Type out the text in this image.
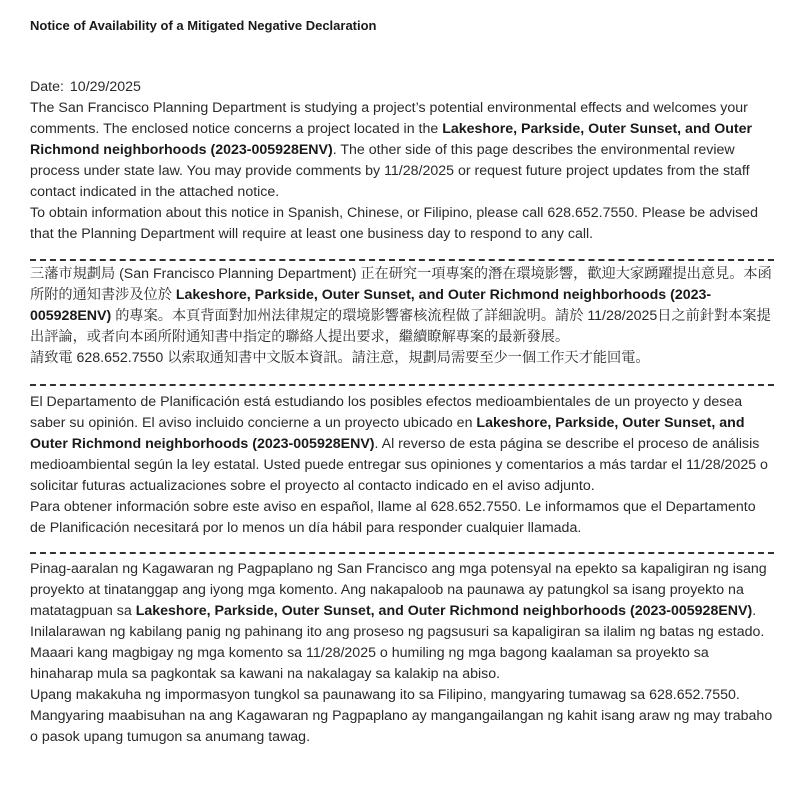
Notice of Availability of a Mitigated Negative Declaration

Date: 10/29/2025

The San Francisco Planning Department is studying a project’s potential environmental effects and welcomes your comments. The enclosed notice concerns a project located in the Lakeshore, Parkside, Outer Sunset, and Outer Richmond neighborhoods (2023-005928ENV). The other side of this page describes the environmental review process under state law. You may provide comments by 11/28/2025 or request future project updates from the staff contact indicated in the attached notice.

To obtain information about this notice in Spanish, Chinese, or Filipino, please call 628.652.7550. Please be advised that the Planning Department will require at least one business day to respond to any call.

三藩市規劃局 (San Francisco Planning Department) 正在研究一項專案的潛在環境影響，歡迎大家踴躍提出意見。本函所附的通知書涉及位於 Lakeshore, Parkside, Outer Sunset, and Outer Richmond neighborhoods (2023-005928ENV) 的專案。本頁背面對加州法律規定的環境影響審核流程做了詳細說明。請於 11/28/2025日之前針對本案提出評論，或者向本函所附通知書中指定的聯絡人提出要求，繼續瞭解專案的最新發展。

請致電 628.652.7550 以索取通知書中文版本資訊。請注意，規劃局需要至少一個工作天才能回電。

El Departamento de Planificación está estudiando los posibles efectos medioambientales de un proyecto y desea saber su opinión. El aviso incluido concierne a un proyecto ubicado en Lakeshore, Parkside, Outer Sunset, and Outer Richmond neighborhoods (2023-005928ENV). Al reverso de esta página se describe el proceso de análisis medioambiental según la ley estatal. Usted puede entregar sus opiniones y comentarios a más tardar el 11/28/2025 o solicitar futuras actualizaciones sobre el proyecto al contacto indicado en el aviso adjunto.

Para obtener información sobre este aviso en español, llame al 628.652.7550. Le informamos que el Departamento de Planificación necesitará por lo menos un día hábil para responder cualquier llamada.

Pinag-aaralan ng Kagawaran ng Pagpaplano ng San Francisco ang mga potensyal na epekto sa kapaligiran ng isang proyekto at tinatanggap ang iyong mga komento. Ang nakapaloob na paunawa ay patungkol sa isang proyekto na matatagpuan sa Lakeshore, Parkside, Outer Sunset, and Outer Richmond neighborhoods (2023-005928ENV). Inilalarawan ng kabilang panig ng pahinang ito ang proseso ng pagsusuri sa kapaligiran sa ilalim ng batas ng estado. Maaari kang magbigay ng mga komento sa 11/28/2025 o humiling ng mga bagong kaalaman sa proyekto sa hinaharap mula sa pagkontak sa kawani na nakalagay sa kalakip na abiso.

Upang makakuha ng impormasyon tungkol sa paunawang ito sa Filipino, mangyaring tumawag sa 628.652.7550. Mangyaring maabisuhan na ang Kagawaran ng Pagpaplano ay mangangailangan ng kahit isang araw ng may trabaho o pasok upang tumugon sa anumang tawag.
